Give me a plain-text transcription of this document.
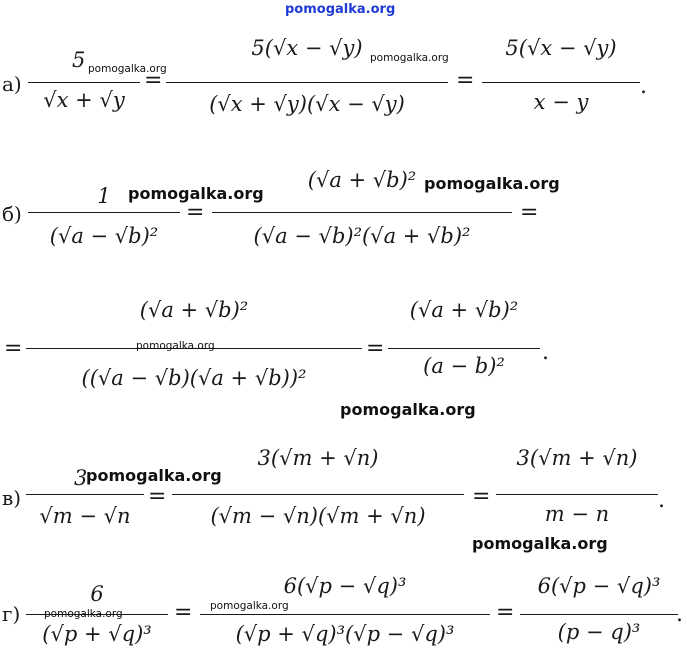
pomogalka.org
а)
5
√x + √y
pomogalka.org
=
5(√x − √y)
(√x + √y)(√x − √y)
pomogalka.org
=
5(√x − √y)
x − y
.
б)
1
(√a − √b)²
pomogalka.org
=
(√a + √b)²
(√a − √b)²(√a + √b)²
pomogalka.org
=
=
(√a + √b)²
((√a − √b)(√a + √b))²
pomogalka.org
pomogalka.org
=
(√a + √b)²
(a − b)²
.
в)
3
√m − √n
pomogalka.org
=
3(√m + √n)
(√m − √n)(√m + √n)
=
3(√m + √n)
m − n
.
pomogalka.org
г)
6
(√p + √q)³
pomogalka.org =
6(√p − √q)³
(√p + √q)³(√p − √q)³
pomogalka.org	=
6(√p − √q)³
(p − q)³
.
